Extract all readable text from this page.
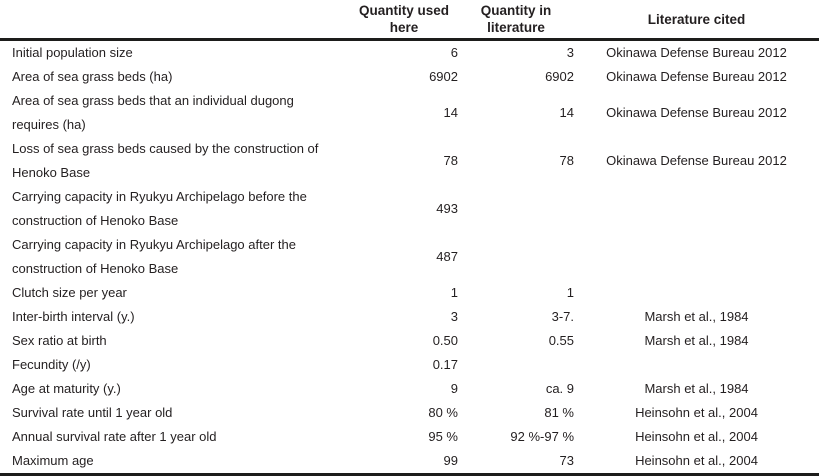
	Quantity used here	Quantity in literature	Literature cited
Initial population size	6	3	Okinawa Defense Bureau 2012
Area of sea grass beds (ha)	6902	6902	Okinawa Defense Bureau 2012
Area of sea grass beds that an individual dugong requires (ha)	14	14	Okinawa Defense Bureau 2012
Loss of sea grass beds caused by the construction of Henoko Base	78	78	Okinawa Defense Bureau 2012
Carrying capacity in Ryukyu Archipelago before the construction of Henoko Base	493		
Carrying capacity in Ryukyu Archipelago after the construction of Henoko Base	487		
Clutch size per year	1	1	
Inter-birth interval (y.)	3	3-7.	Marsh et al., 1984
Sex ratio at birth	0.50	0.55	Marsh et al., 1984
Fecundity (/y)	0.17		
Age at maturity (y.)	9	ca. 9	Marsh et al., 1984
Survival rate until 1 year old	80 %	81 %	Heinsohn et al., 2004
Annual survival rate after 1 year old	95 %	92 %-97 %	Heinsohn et al., 2004
Maximum age	99	73	Heinsohn et al., 2004
